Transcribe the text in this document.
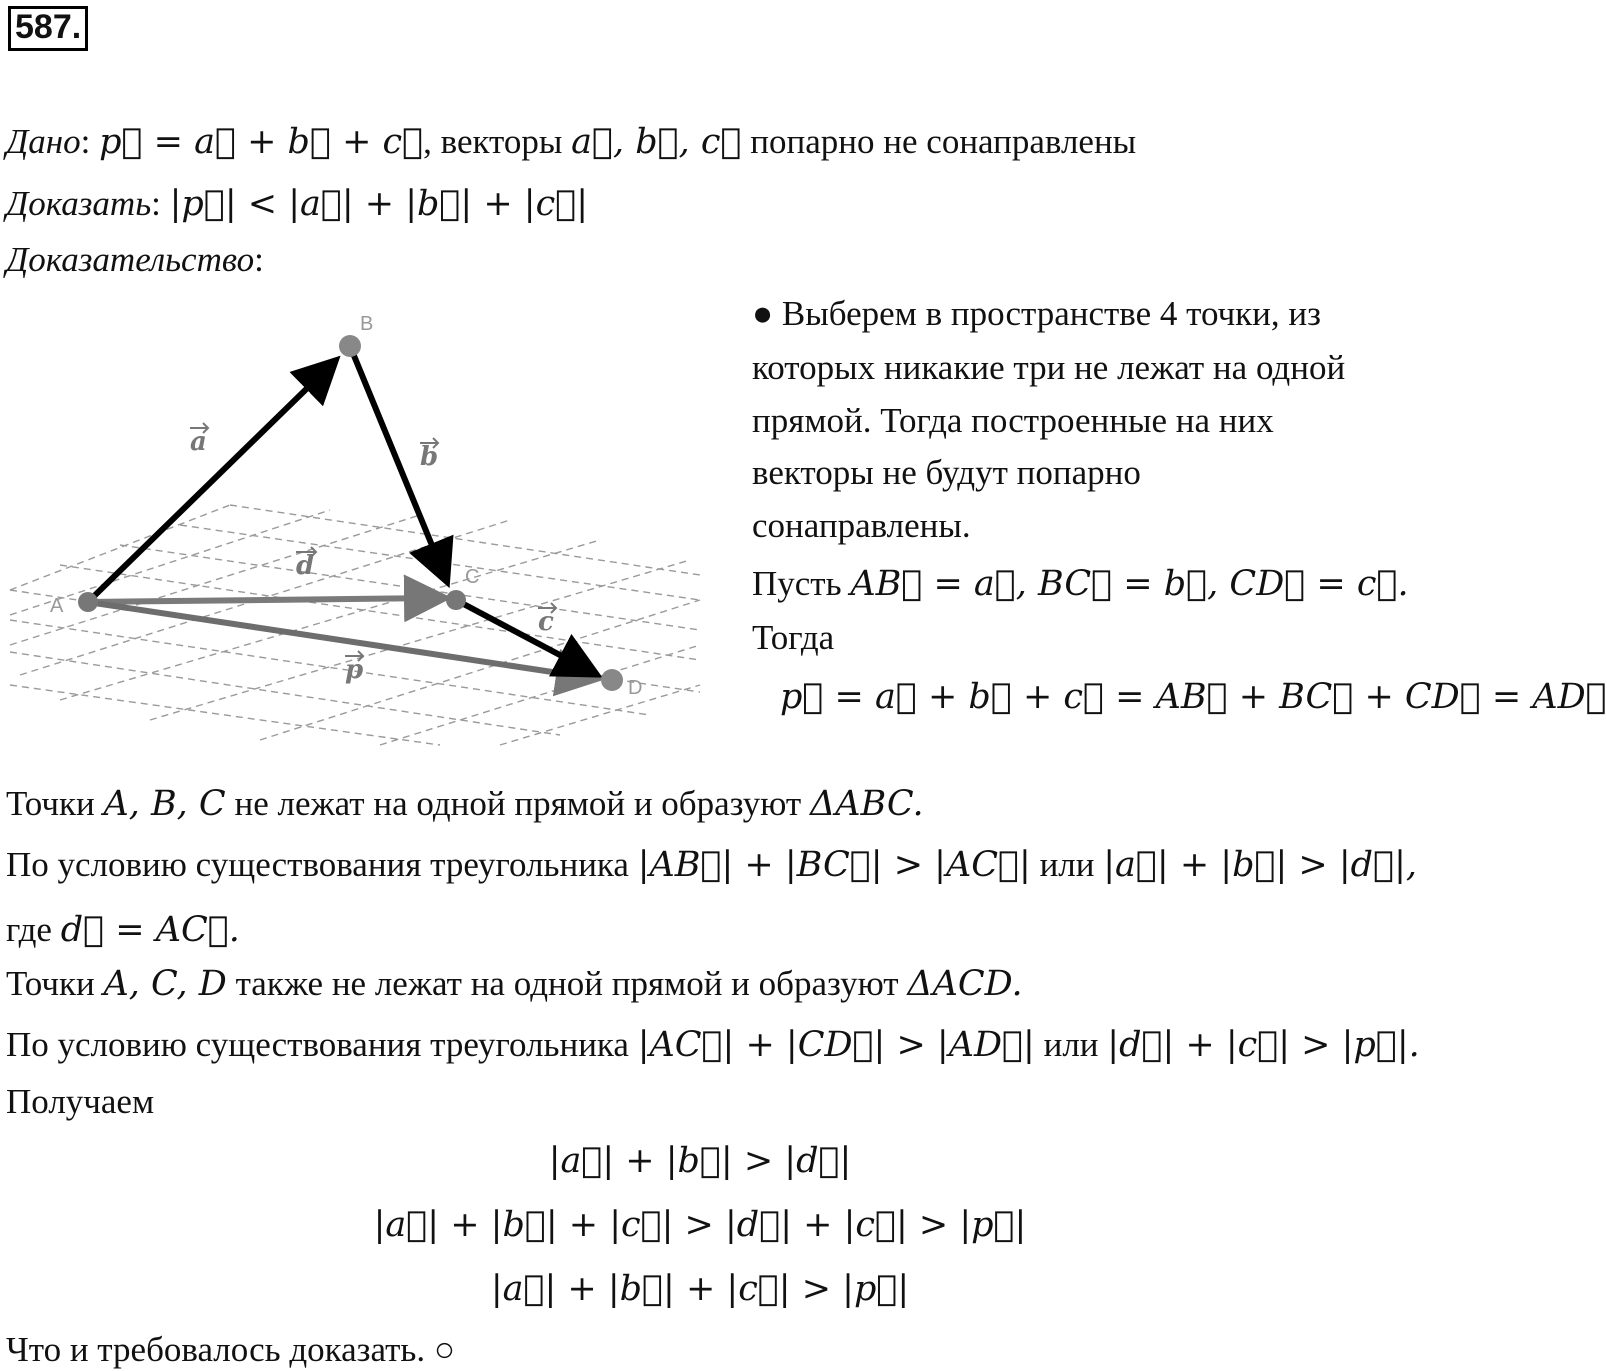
587.
Дано: p⃗ = a⃗ + b⃗ + c⃗, векторы a⃗, b⃗, c⃗ попарно не сонаправлены
Доказать: |p⃗| < |a⃗| + |b⃗| + |c⃗|
Доказательство:
A
B
C
D
a	b
c
d
p
● Выберем в пространстве 4 точки, из
которых никакие три не лежат на одной
прямой. Тогда построенные на них
векторы не будут попарно
сонаправлены.
Пусть AB⃗ = a⃗, BC⃗ = b⃗, CD⃗ = c⃗.
Тогда
p⃗ = a⃗ + b⃗ + c⃗ = AB⃗ + BC⃗ + CD⃗ = AD⃗
Точки A, B, C не лежат на одной прямой и образуют ΔABC.
По условию существования треугольника |AB⃗| + |BC⃗| > |AC⃗| или |a⃗| + |b⃗| > |d⃗|,
где d⃗ = AC⃗.
Точки A, C, D также не лежат на одной прямой и образуют ΔACD.
По условию существования треугольника |AC⃗| + |CD⃗| > |AD⃗| или |d⃗| + |c⃗| > |p⃗|.
Получаем
|a⃗| + |b⃗| > |d⃗|
|a⃗| + |b⃗| + |c⃗| > |d⃗| + |c⃗| > |p⃗|
|a⃗| + |b⃗| + |c⃗| > |p⃗|
Что и требовалось доказать. ○
